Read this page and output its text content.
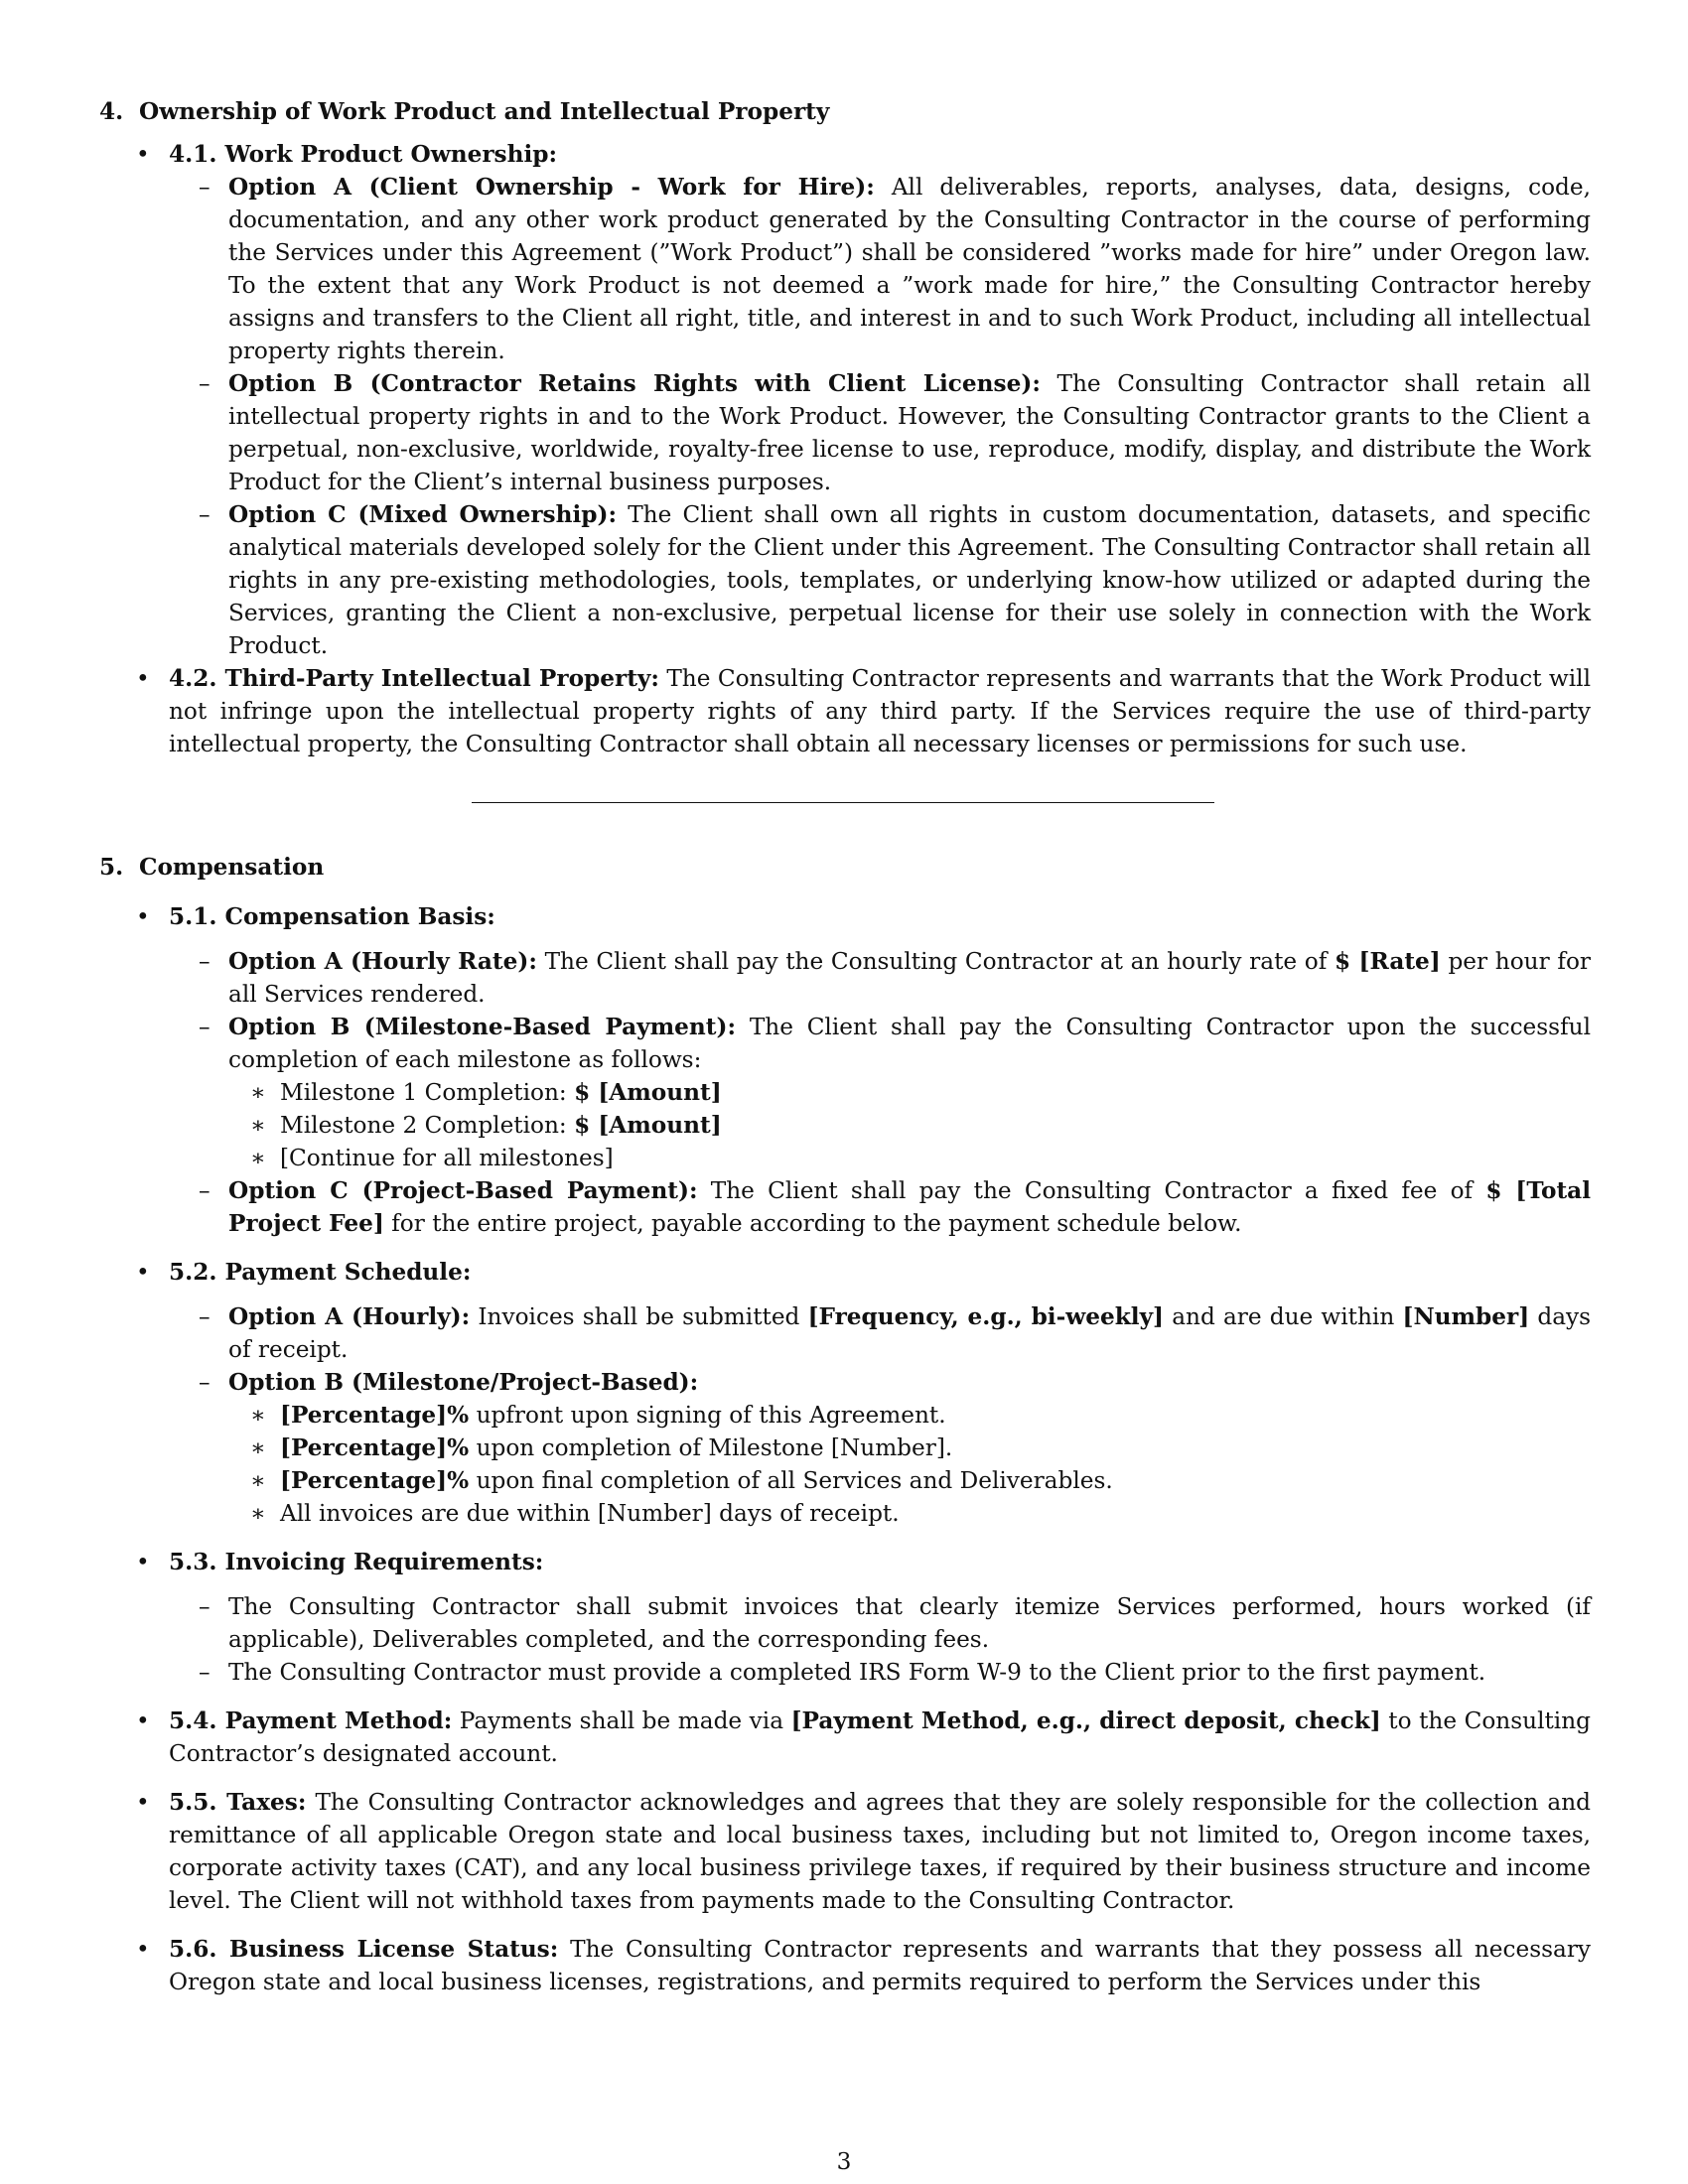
4. Ownership of Work Product and Intellectual Property

• 4.1. Work Product Ownership:
– Option A (Client Ownership - Work for Hire): All deliverables, reports, analyses, data, designs, code, documentation, and any other work product generated by the Consulting Contractor in the course of performing the Services under this Agreement (”Work Product”) shall be considered ”works made for hire” under Oregon law. To the extent that any Work Product is not deemed a ”work made for hire,” the Consulting Contractor hereby assigns and transfers to the Client all right, title, and interest in and to such Work Product, including all intellectual property rights therein.
– Option B (Contractor Retains Rights with Client License): The Consulting Contractor shall retain all intellectual property rights in and to the Work Product. However, the Consulting Contractor grants to the Client a perpetual, non-exclusive, worldwide, royalty-free license to use, reproduce, modify, display, and distribute the Work Product for the Client’s internal business purposes.
– Option C (Mixed Ownership): The Client shall own all rights in custom documentation, datasets, and specific analytical materials developed solely for the Client under this Agreement. The Consulting Contractor shall retain all rights in any pre-existing methodologies, tools, templates, or underlying know-how utilized or adapted during the Services, granting the Client a non-exclusive, perpetual license for their use solely in connection with the Work Product.
• 4.2. Third-Party Intellectual Property: The Consulting Contractor represents and warrants that the Work Product will not infringe upon the intellectual property rights of any third party. If the Services require the use of third-party intellectual property, the Consulting Contractor shall obtain all necessary licenses or permissions for such use.

5. Compensation

• 5.1. Compensation Basis:
– Option A (Hourly Rate): The Client shall pay the Consulting Contractor at an hourly rate of $ [Rate] per hour for all Services rendered.
– Option B (Milestone-Based Payment): The Client shall pay the Consulting Contractor upon the successful completion of each milestone as follows:
∗ Milestone 1 Completion: $ [Amount]
∗ Milestone 2 Completion: $ [Amount]
∗ [Continue for all milestones]
– Option C (Project-Based Payment): The Client shall pay the Consulting Contractor a fixed fee of $ [Total Project Fee] for the entire project, payable according to the payment schedule below.
• 5.2. Payment Schedule:
– Option A (Hourly): Invoices shall be submitted [Frequency, e.g., bi-weekly] and are due within [Number] days of receipt.
– Option B (Milestone/Project-Based):
∗ [Percentage]% upfront upon signing of this Agreement.
∗ [Percentage]% upon completion of Milestone [Number].
∗ [Percentage]% upon final completion of all Services and Deliverables.
∗ All invoices are due within [Number] days of receipt.
• 5.3. Invoicing Requirements:
– The Consulting Contractor shall submit invoices that clearly itemize Services performed, hours worked (if applicable), Deliverables completed, and the corresponding fees.
– The Consulting Contractor must provide a completed IRS Form W-9 to the Client prior to the first payment.
• 5.4. Payment Method: Payments shall be made via [Payment Method, e.g., direct deposit, check] to the Consulting Contractor’s designated account.
• 5.5. Taxes: The Consulting Contractor acknowledges and agrees that they are solely responsible for the collection and remittance of all applicable Oregon state and local business taxes, including but not limited to, Oregon income taxes, corporate activity taxes (CAT), and any local business privilege taxes, if required by their business structure and income level. The Client will not withhold taxes from payments made to the Consulting Contractor.
• 5.6. Business License Status: The Consulting Contractor represents and warrants that they possess all necessary Oregon state and local business licenses, registrations, and permits required to perform the Services under this
3
